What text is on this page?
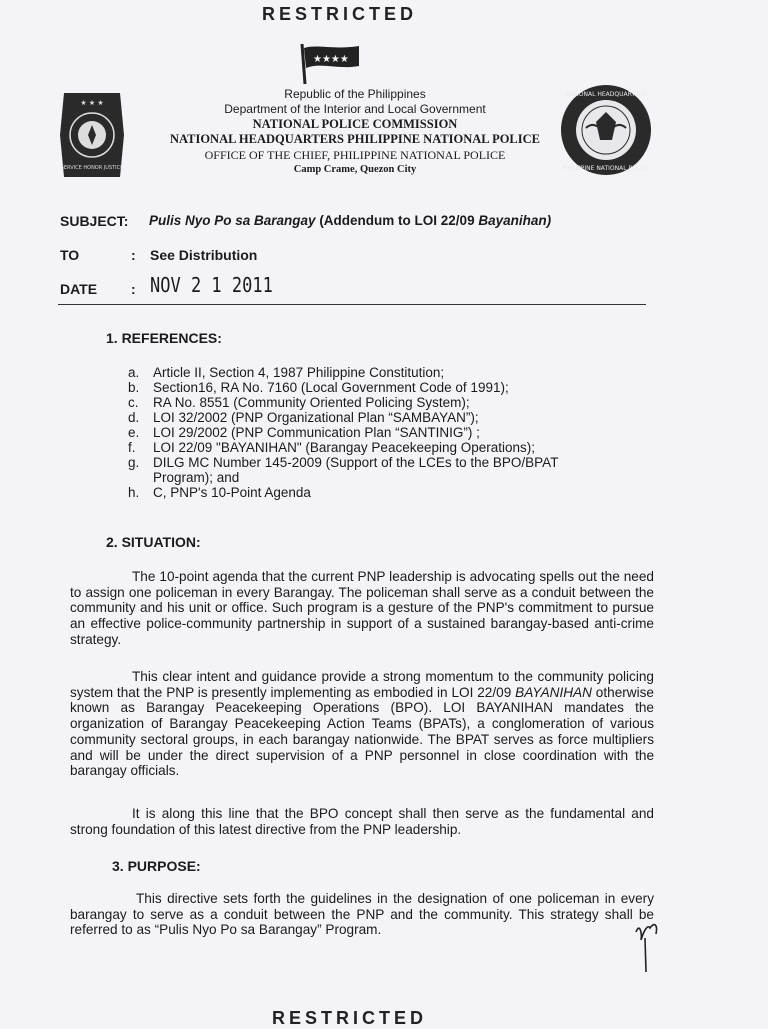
RESTRICTED
★★★★
★ ★ ★
SERVICE HONOR JUSTICE
NATIONAL HEADQUARTERS
PHILIPPINE NATIONAL POLICE
Republic of the Philippines
Department of the Interior and Local Government
NATIONAL POLICE COMMISSION
NATIONAL HEADQUARTERS PHILIPPINE NATIONAL POLICE
OFFICE OF THE CHIEF, PHILIPPINE NATIONAL POLICE
Camp Crame, Quezon City
SUBJECT: Pulis Nyo Po sa Barangay (Addendum to LOI 22/09 Bayanihan)
TO	: See Distribution
DATE : NOV 2 1 2011
1. REFERENCES:
a. Article II, Section 4, 1987 Philippine Constitution;
b. Section16, RA No. 7160 (Local Government Code of 1991);
c. RA No. 8551 (Community Oriented Policing System);
d. LOI 32/2002 (PNP Organizational Plan “SAMBAYAN”);
e. LOI 29/2002 (PNP Communication Plan “SANTINIG”) ;
f. LOI 22/09 "BAYANIHAN" (Barangay Peacekeeping Operations);
g. DILG MC Number 145-2009 (Support of the LCEs to the BPO/BPAT
Program); and
h. C, PNP's 10-Point Agenda
2. SITUATION:
The 10-point agenda that the current PNP leadership is advocating spells out the need to assign one policeman in every Barangay. The policeman shall serve as a conduit between the community and his unit or office. Such program is a gesture of the PNP's commitment to pursue an effective police-community partnership in support of a sustained barangay-based anti-crime strategy.
This clear intent and guidance provide a strong momentum to the community policing system that the PNP is presently implementing as embodied in LOI 22/09 BAYANIHAN otherwise known as Barangay Peacekeeping Operations (BPO). LOI BAYANIHAN mandates the organization of Barangay Peacekeeping Action Teams (BPATs), a conglomeration of various community sectoral groups, in each barangay nationwide. The BPAT serves as force multipliers and will be under the direct supervision of a PNP personnel in close coordination with the barangay officials.
It is along this line that the BPO concept shall then serve as the fundamental and strong foundation of this latest directive from the PNP leadership.
3. PURPOSE:
This directive sets forth the guidelines in the designation of one policeman in every barangay to serve as a conduit between the PNP and the community. This strategy shall be referred to as “Pulis Nyo Po sa Barangay” Program.
RESTRICTED
